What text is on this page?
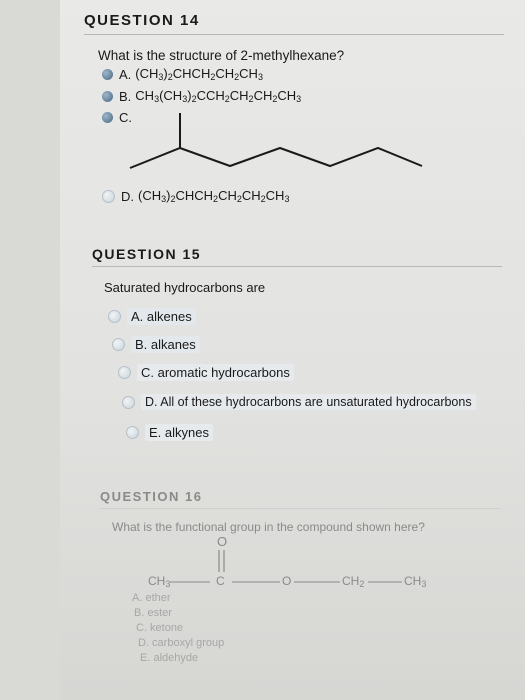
QUESTION 14
What is the structure of 2-methylhexane?
A. $(CH_3)_2CHCH_2CH_2CH_3$
B. $CH_3(CH_3)_2CCH_2CH_2CH_2CH_3$
C.
D. $(CH_3)_2CHCH_2CH_2CH_2CH_3$
QUESTION 15
Saturated hydrocarbons are
A. alkenes
B. alkanes
C. aromatic hydrocarbons
D. All of these hydrocarbons are unsaturated hydrocarbons
E. alkynes
QUESTION 16
What is the functional group in the compound shown here?
O
$CH_3$	C	O	$CH_2$	$CH_3$
A. ether
B. ester
C. ketone
D. carboxyl group
E. aldehyde
